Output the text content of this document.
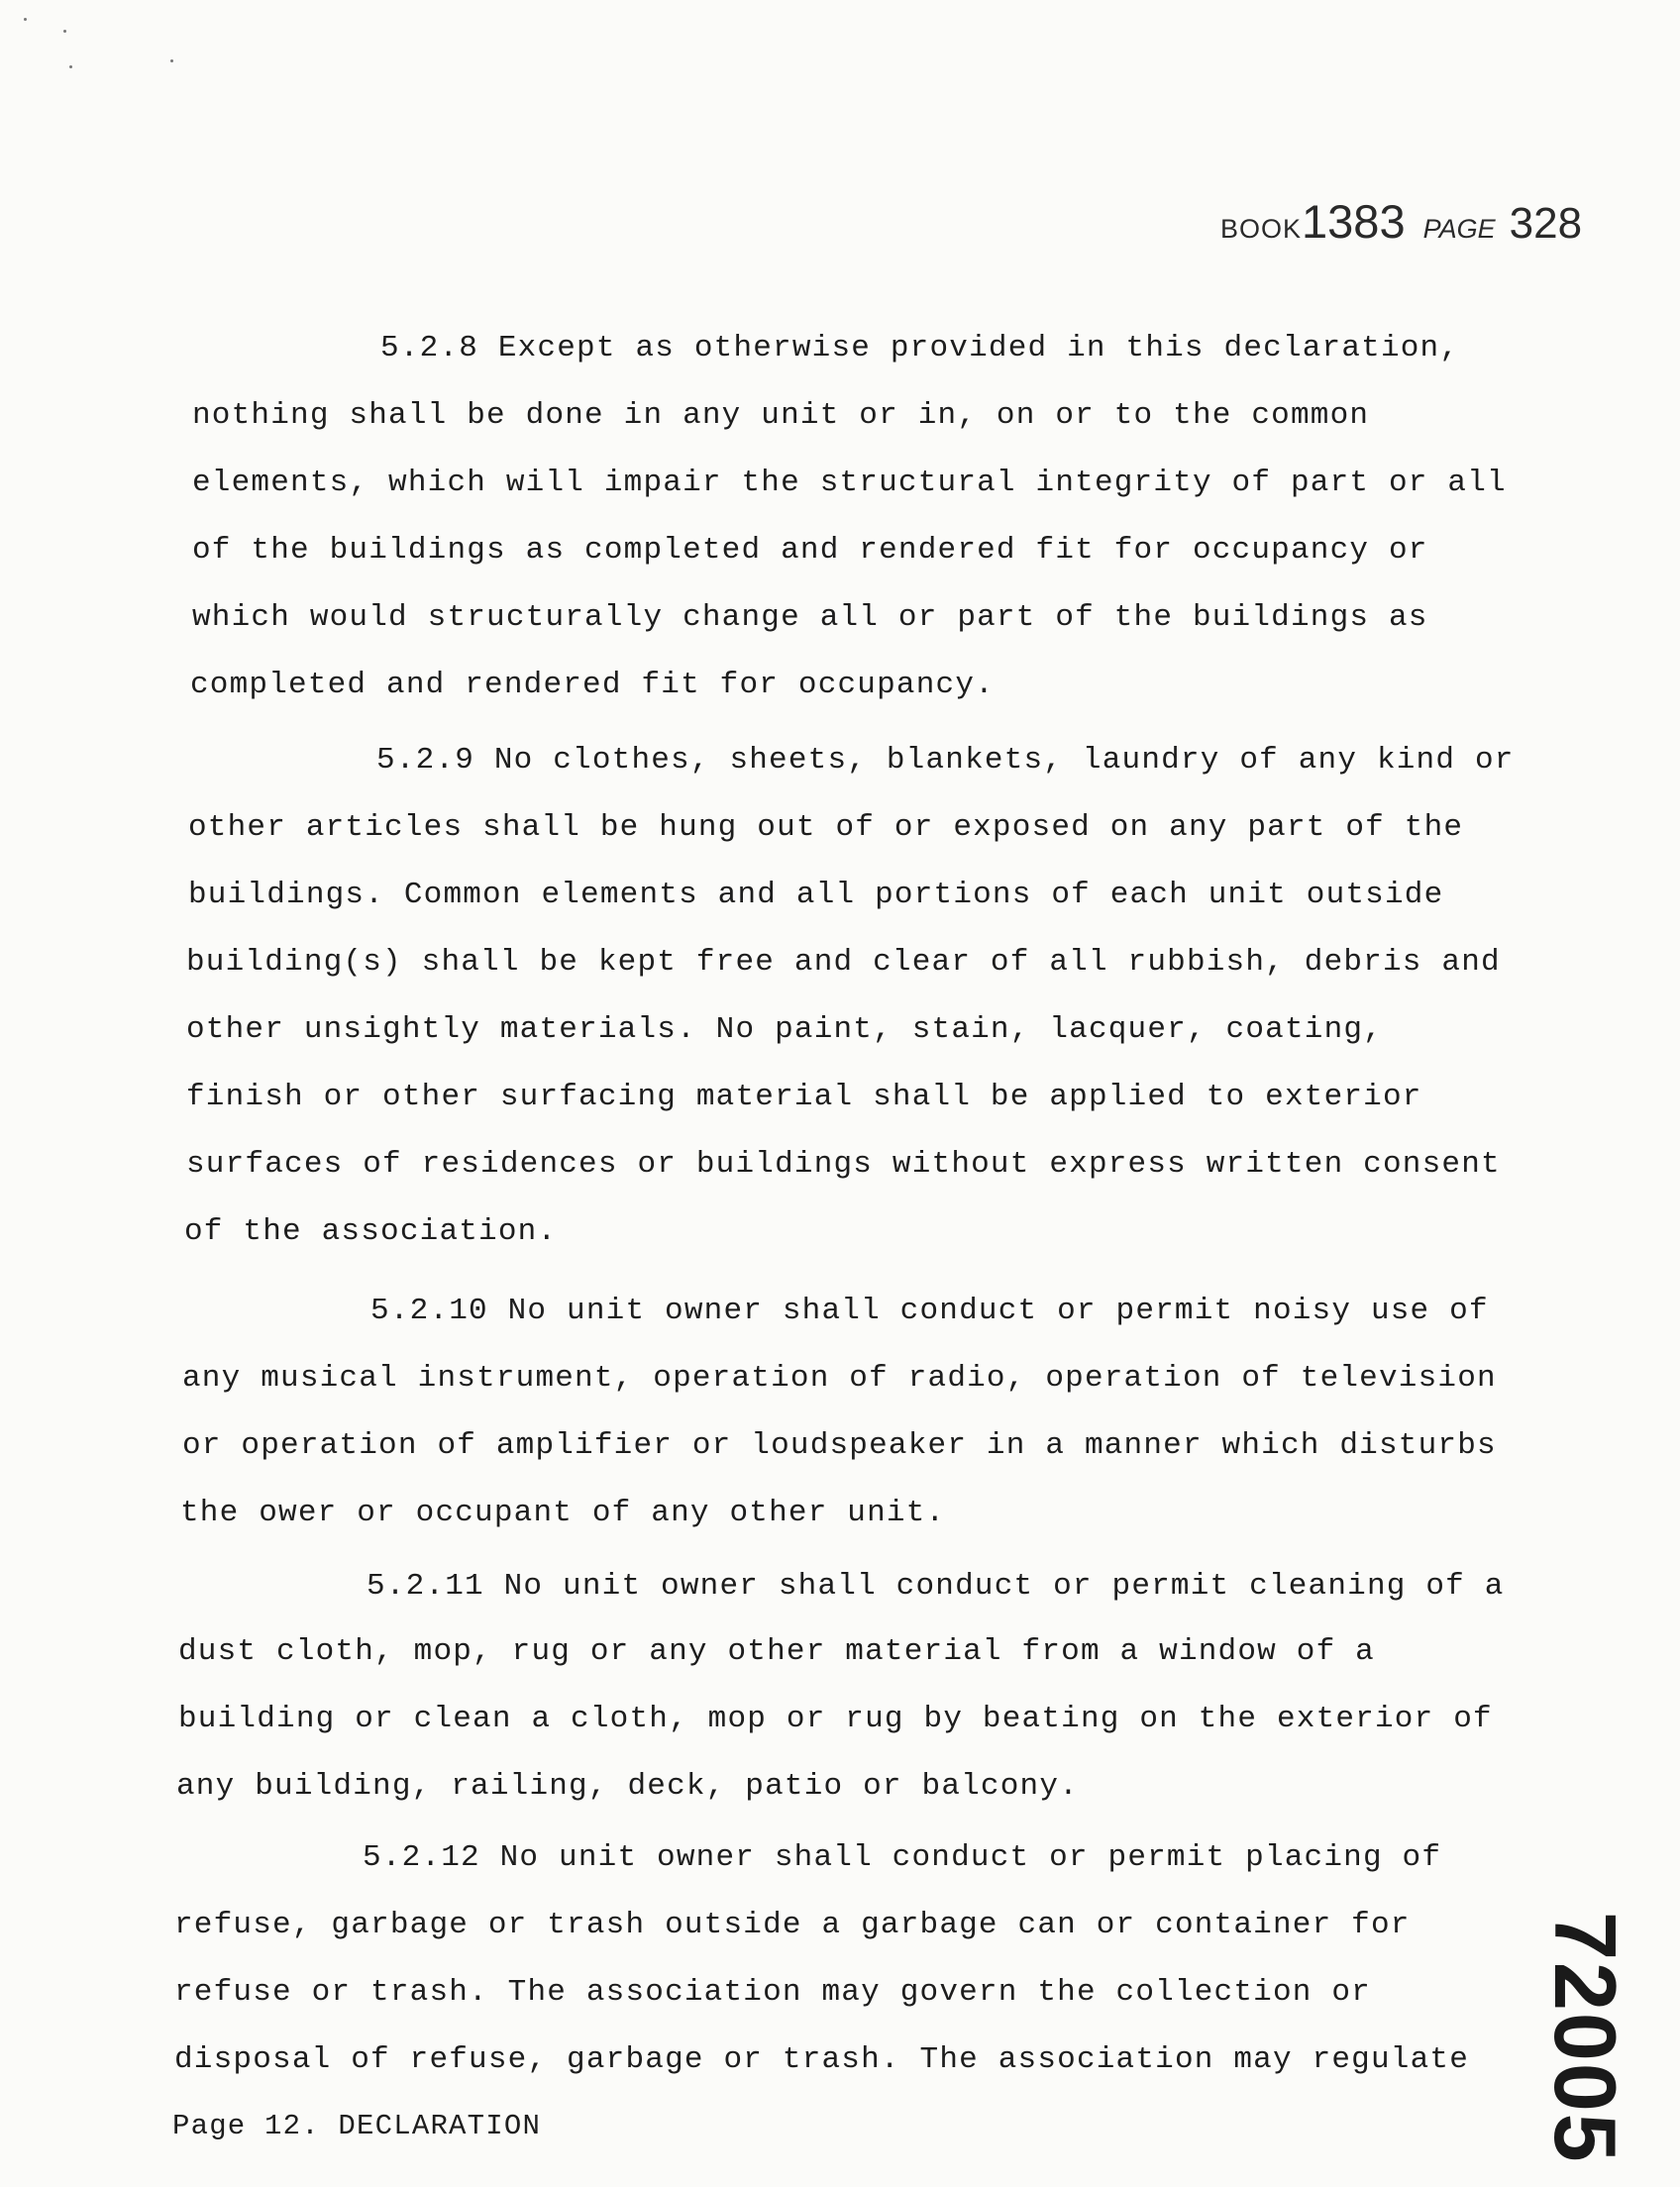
BOOK1383 PAGE 328
5.2.8 Except as otherwise provided in this declaration,
nothing shall be done in any unit or in, on or to the common
elements, which will impair the structural integrity of part or all
of the buildings as completed and rendered fit for occupancy or
which would structurally change all or part of the buildings as
completed and rendered fit for occupancy.
5.2.9 No clothes, sheets, blankets, laundry of any kind or
other articles shall be hung out of or exposed on any part of the
buildings. Common elements and all portions of each unit outside
building(s) shall be kept free and clear of all rubbish, debris and
other unsightly materials. No paint, stain, lacquer, coating,
finish or other surfacing material shall be applied to exterior
surfaces of residences or buildings without express written consent
of the association.
5.2.10 No unit owner shall conduct or permit noisy use of
any musical instrument, operation of radio, operation of television
or operation of amplifier or loudspeaker in a manner which disturbs
the ower or occupant of any other unit.
5.2.11 No unit owner shall conduct or permit cleaning of a
dust cloth, mop, rug or any other material from a window of a
building or clean a cloth, mop or rug by beating on the exterior of
any building, railing, deck, patio or balcony.
5.2.12 No unit owner shall conduct or permit placing of
refuse, garbage or trash outside a garbage can or container for
refuse or trash. The association may govern the collection or
disposal of refuse, garbage or trash. The association may regulate
Page 12. DECLARATION	72005
